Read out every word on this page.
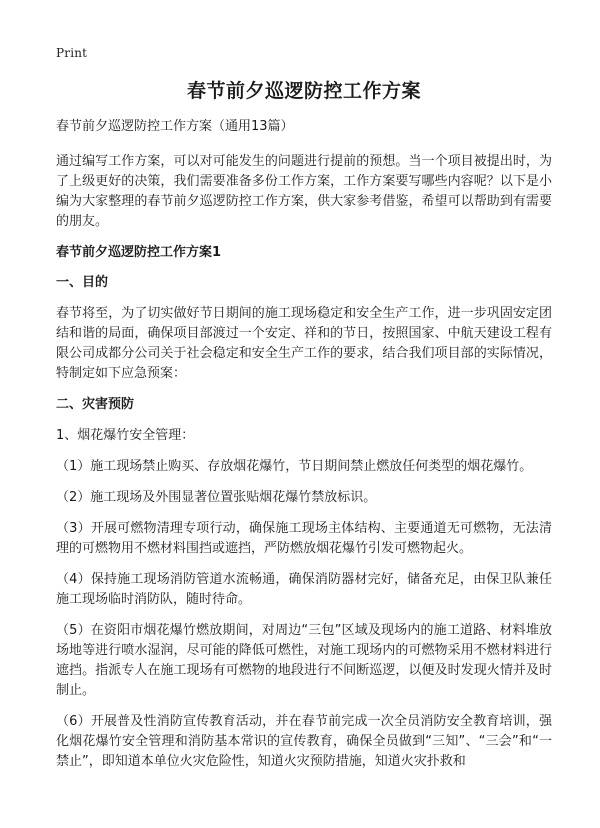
Print
春节前夕巡逻防控工作方案
春节前夕巡逻防控工作方案（通用13篇）
通过编写工作方案，可以对可能发生的问题进行提前的预想。当一个项目被提出时，为了上级更好的决策，我们需要准备多份工作方案，工作方案要写哪些内容呢？以下是小编为大家整理的春节前夕巡逻防控工作方案，供大家参考借鉴，希望可以帮助到有需要的朋友。
春节前夕巡逻防控工作方案1
一、目的
春节将至，为了切实做好节日期间的施工现场稳定和安全生产工作，进一步巩固安定团结和谐的局面，确保项目部渡过一个安定、祥和的节日，按照国家、中航天建设工程有限公司成都分公司关于社会稳定和安全生产工作的要求，结合我们项目部的实际情况，特制定如下应急预案：
二、灾害预防
1、烟花爆竹安全管理：
（1）施工现场禁止购买、存放烟花爆竹，节日期间禁止燃放任何类型的烟花爆竹。
（2）施工现场及外围显著位置张贴烟花爆竹禁放标识。
（3）开展可燃物清理专项行动，确保施工现场主体结构、主要通道无可燃物，无法清理的可燃物用不燃材料围挡或遮挡，严防燃放烟花爆竹引发可燃物起火。
（4）保持施工现场消防管道水流畅通，确保消防器材完好，储备充足，由保卫队兼任施工现场临时消防队，随时待命。
（5）在资阳市烟花爆竹燃放期间，对周边“三包”区域及现场内的施工道路、材料堆放场地等进行喷水湿润，尽可能的降低可燃性，对施工现场内的可燃物采用不燃材料进行遮挡。指派专人在施工现场有可燃物的地段进行不间断巡逻，以便及时发现火情并及时制止。
（6）开展普及性消防宣传教育活动，并在春节前完成一次全员消防安全教育培训，强化烟花爆竹安全管理和消防基本常识的宣传教育，确保全员做到“三知”、“三会”和“一禁止”，即知道本单位火灾危险性，知道火灾预防措施，知道火灾扑救和
